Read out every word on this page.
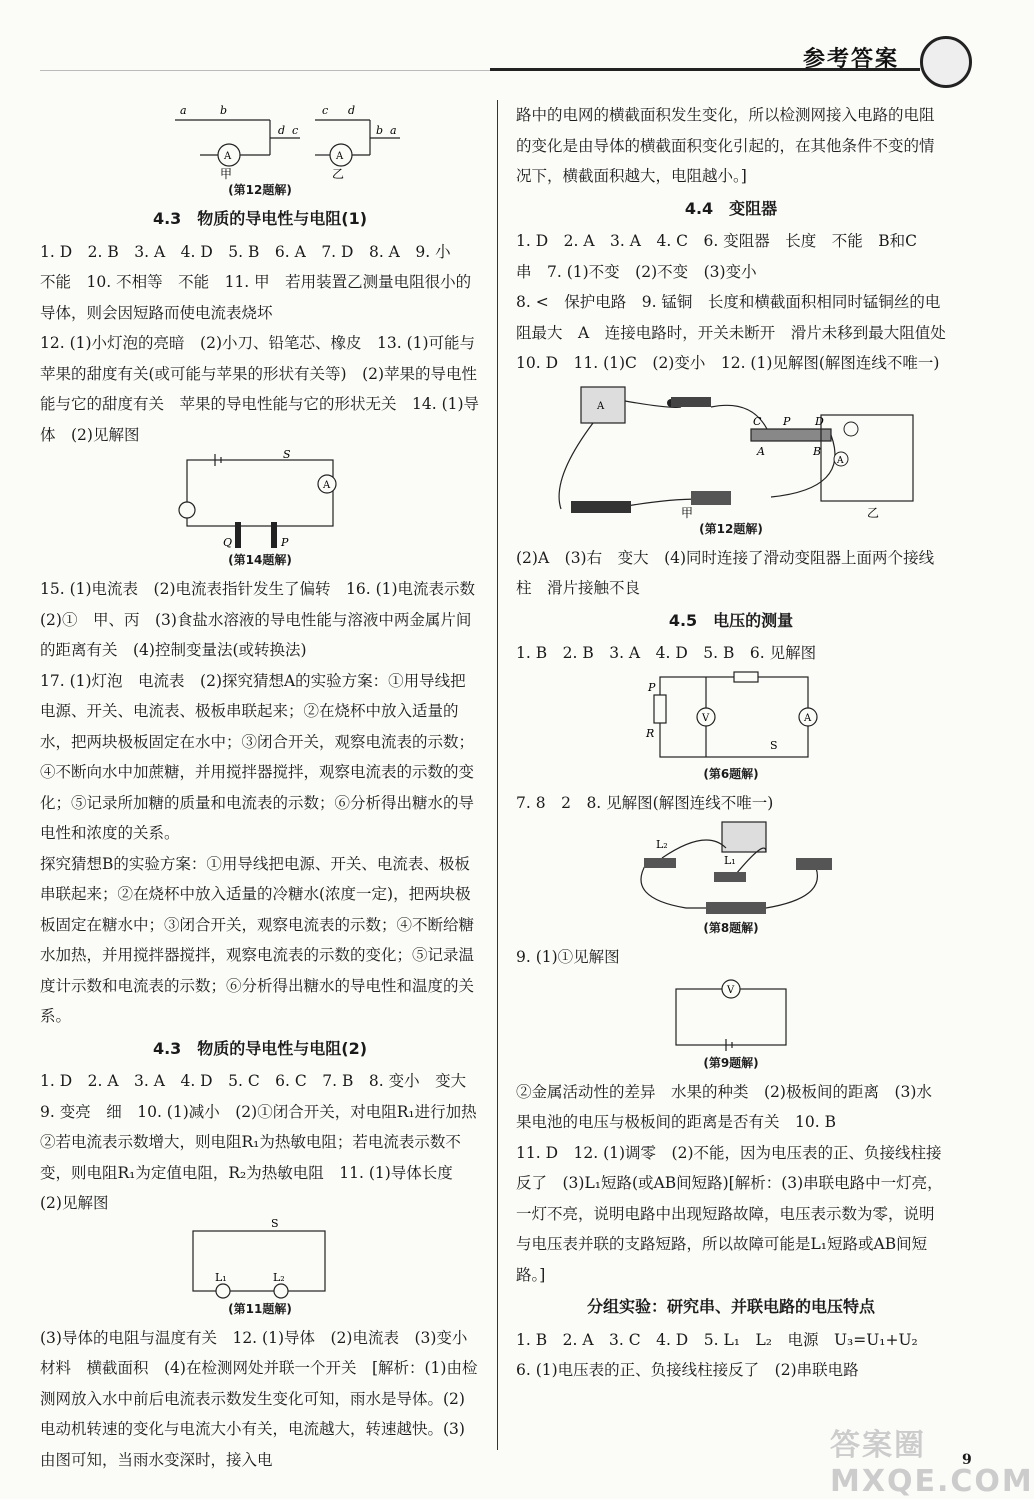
参考答案
a	b
d c
A
甲
c d
b a
A
乙
(第12题解)
4.3　物质的导电性与电阻(1)

1. D　2. B　3. A　4. D　5. B　6. A　7. D　8. A　9. 小　不能　10. 不相等　不能　11. 甲　若用装置乙测量电阻很小的导体，则会因短路而使电流表烧坏

12. (1)小灯泡的亮暗　(2)小刀、铅笔芯、橡皮　13. (1)可能与苹果的甜度有关(或可能与苹果的形状有关等)　(2)苹果的导电性能与它的甜度有关　苹果的导电性能与它的形状无关　14. (1)导体　(2)见解图

S
A
Q	P
(第14题解)

15. (1)电流表　(2)电流表指针发生了偏转　16. (1)电流表示数　(2)①　甲、丙　(3)食盐水溶液的导电性能与溶液中两金属片间的距离有关　(4)控制变量法(或转换法)

17. (1)灯泡　电流表　(2)探究猜想A的实验方案：①用导线把电源、开关、电流表、极板串联起来；②在烧杯中放入适量的水，把两块极板固定在水中；③闭合开关，观察电流表的示数；④不断向水中加蔗糖，并用搅拌器搅拌，观察电流表的示数的变化；⑤记录所加糖的质量和电流表的示数；⑥分析得出糖水的导电性和浓度的关系。

探究猜想B的实验方案：①用导线把电源、开关、电流表、极板串联起来；②在烧杯中放入适量的冷糖水(浓度一定)，把两块极板固定在糖水中；③闭合开关，观察电流表的示数；④不断给糖水加热，并用搅拌器搅拌，观察电流表的示数的变化；⑤记录温度计示数和电流表的示数；⑥分析得出糖水的导电性和温度的关系。

4.3　物质的导电性与电阻(2)

1. D　2. A　3. A　4. D　5. C　6. C　7. B　8. 变小　变大　9. 变亮　细　10. (1)减小　(2)①闭合开关，对电阻R₁进行加热　②若电流表示数增大，则电阻R₁为热敏电阻；若电流表示数不变，则电阻R₁为定值电阻，R₂为热敏电阻　11. (1)导体长度　(2)见解图

S
L₁	L₂
(第11题解)

(3)导体的电阻与温度有关　12. (1)导体　(2)电流表　(3)变小　材料　横截面积　(4)在检测网处并联一个开关　[解析：(1)由检测网放入水中前后电流表示数发生变化可知，雨水是导体。(2)电动机转速的变化与电流大小有关，电流越大，转速越快。(3)由图可知，当雨水变深时，接入电

路中的电网的横截面积发生变化，所以检测网接入电路的电阻的变化是由导体的横截面积变化引起的，在其他条件不变的情况下，横截面积越大，电阻越小。]

4.4　变阻器

1. D　2. A　3. A　4. C　6. 变阻器　长度　不能　B和C　串　7. (1)不变　(2)不变　(3)变小

8. <　保护电路　9. 锰铜　长度和横截面积相同时锰铜丝的电阻最大　A　连接电路时，开关未断开　滑片未移到最大阻值处　10. D　11. (1)C　(2)变小　12. (1)见解图(解图连线不唯一)

A
A
C P D
A	B
甲	乙
(第12题解)

(2)A　(3)右　变大　(4)同时连接了滑动变阻器上面两个接线柱　滑片接触不良

4.5　电压的测量

1. B　2. B　3. A　4. D　5. B　6. 见解图

P
R
V	A
S
(第6题解)

7. 8　2　8. 见解图(解图连线不唯一)

L₂
L₁
(第8题解)

9. (1)①见解图

V
(第9题解)

②金属活动性的差异　水果的种类　(2)极板间的距离　(3)水果电池的电压与极板间的距离是否有关　10. B

11. D　12. (1)调零　(2)不能，因为电压表的正、负接线柱接反了　(3)L₁短路(或AB间短路)[解析：(3)串联电路中一灯亮，一灯不亮，说明电路中出现短路故障，电压表示数为零，说明与电压表并联的支路短路，所以故障可能是L₁短路或AB间短路。]

分组实验：研究串、并联电路的电压特点

1. B　2. A　3. C　4. D　5. L₁　L₂　电源　U₃=U₁+U₂　6. (1)电压表的正、负接线柱接反了　(2)串联电路

答案圈 MXQE.COM
9
